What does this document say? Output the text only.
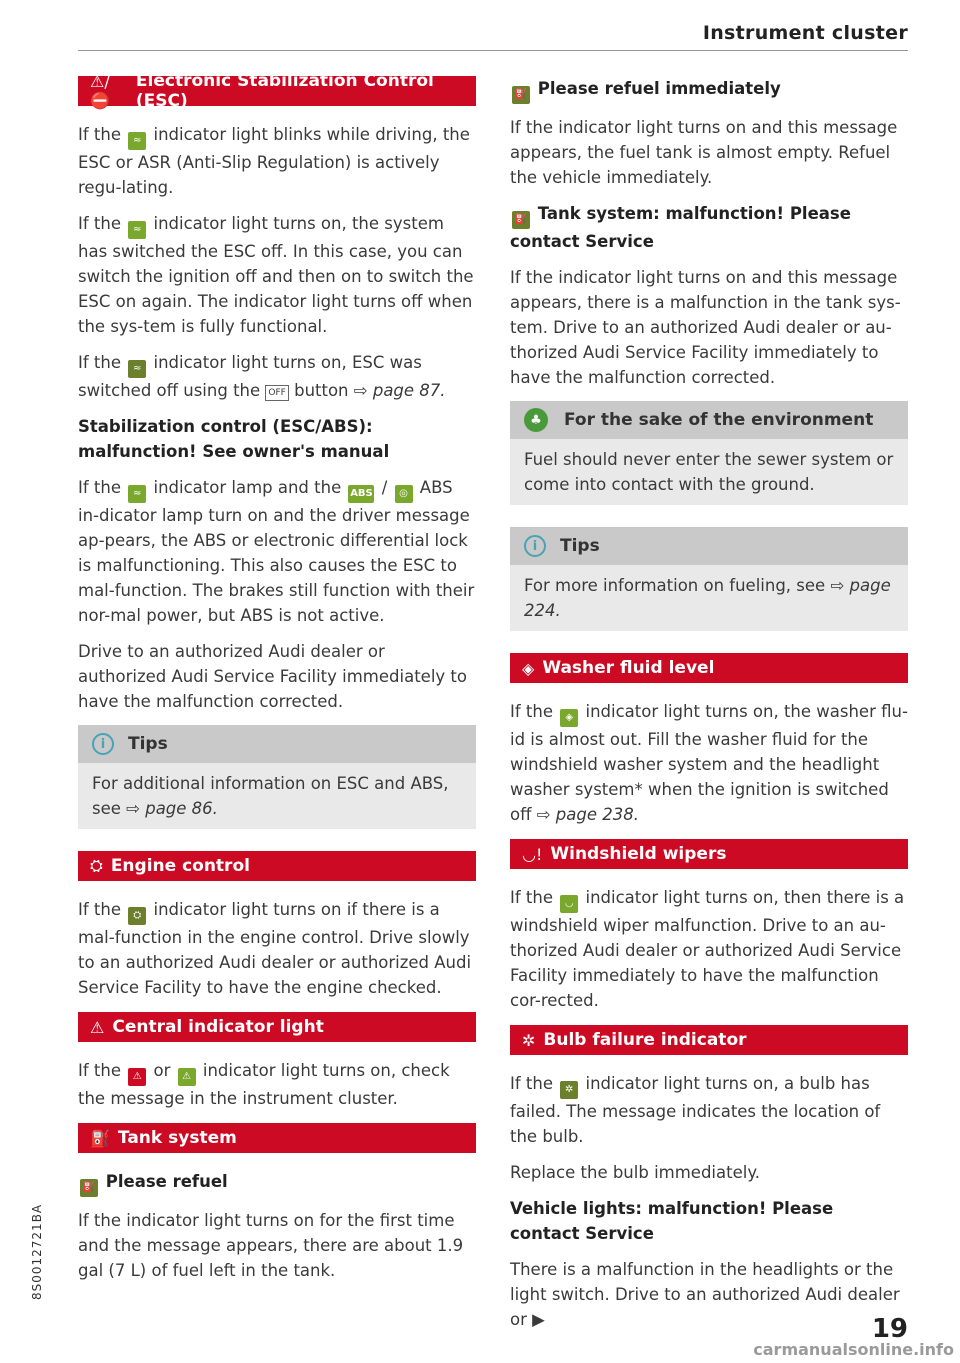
Instrument cluster
⚠/⛔
Electronic Stabilization Control (ESC)

If the ≈ indicator light blinks while driving, the ESC or ASR (Anti-Slip Regulation) is actively regu-lating.

If the ≈ indicator light turns on, the system has switched the ESC off. In this case, you can switch the ignition off and then on to switch the ESC on again. The indicator light turns off when the sys-tem is fully functional.

If the ≈ indicator light turns on, ESC was switched off using the OFF button ⇨ page 87.

Stabilization control (ESC/ABS): malfunction! See owner's manual

If the ≈ indicator lamp and the ABS / ◎ ABS in-dicator lamp turn on and the driver message ap-pears, the ABS or electronic differential lock is malfunctioning. This also causes the ESC to mal-function. The brakes still function with their nor-mal power, but ABS is not active.

Drive to an authorized Audi dealer or authorized Audi Service Facility immediately to have the malfunction corrected.

i	Tips

For additional information on ESC and ABS, see ⇨ page 86.

⛭ Engine control

If the ⛭ indicator light turns on if there is a mal-function in the engine control. Drive slowly to an authorized Audi dealer or authorized Audi Service Facility to have the engine checked.

⚠ Central indicator light

If the ⚠ or ⚠ indicator light turns on, check the message in the instrument cluster.

⛽ Tank system
⛽ Please refuel

If the indicator light turns on for the first time and the message appears, there are about 1.9 gal (7 L) of fuel left in the tank.

⛽ Please refuel immediately

If the indicator light turns on and this message appears, the fuel tank is almost empty. Refuel the vehicle immediately.

⛽ Tank system: malfunction! Please contact Service

If the indicator light turns on and this message appears, there is a malfunction in the tank sys-tem. Drive to an authorized Audi dealer or au-thorized Audi Service Facility immediately to have the malfunction corrected.

♣	For the sake of the environment

Fuel should never enter the sewer system or come into contact with the ground.

i	Tips

For more information on fueling, see ⇨ page 224.

◈ Washer fluid level

If the ◈ indicator light turns on, the washer flu-id is almost out. Fill the washer fluid for the windshield washer system and the headlight washer system* when the ignition is switched off ⇨ page 238.

◡! Windshield wipers

If the ◡ indicator light turns on, then there is a windshield wiper malfunction. Drive to an au-thorized Audi dealer or authorized Audi Service Facility immediately to have the malfunction cor-rected.

✲ Bulb failure indicator

If the ✲ indicator light turns on, a bulb has failed. The message indicates the location of the bulb.

Replace the bulb immediately.

Vehicle lights: malfunction! Please contact Service

There is a malfunction in the headlights or the light switch. Drive to an authorized Audi dealer or ▶	19
8S0012721BA
carmanualsonline.info
